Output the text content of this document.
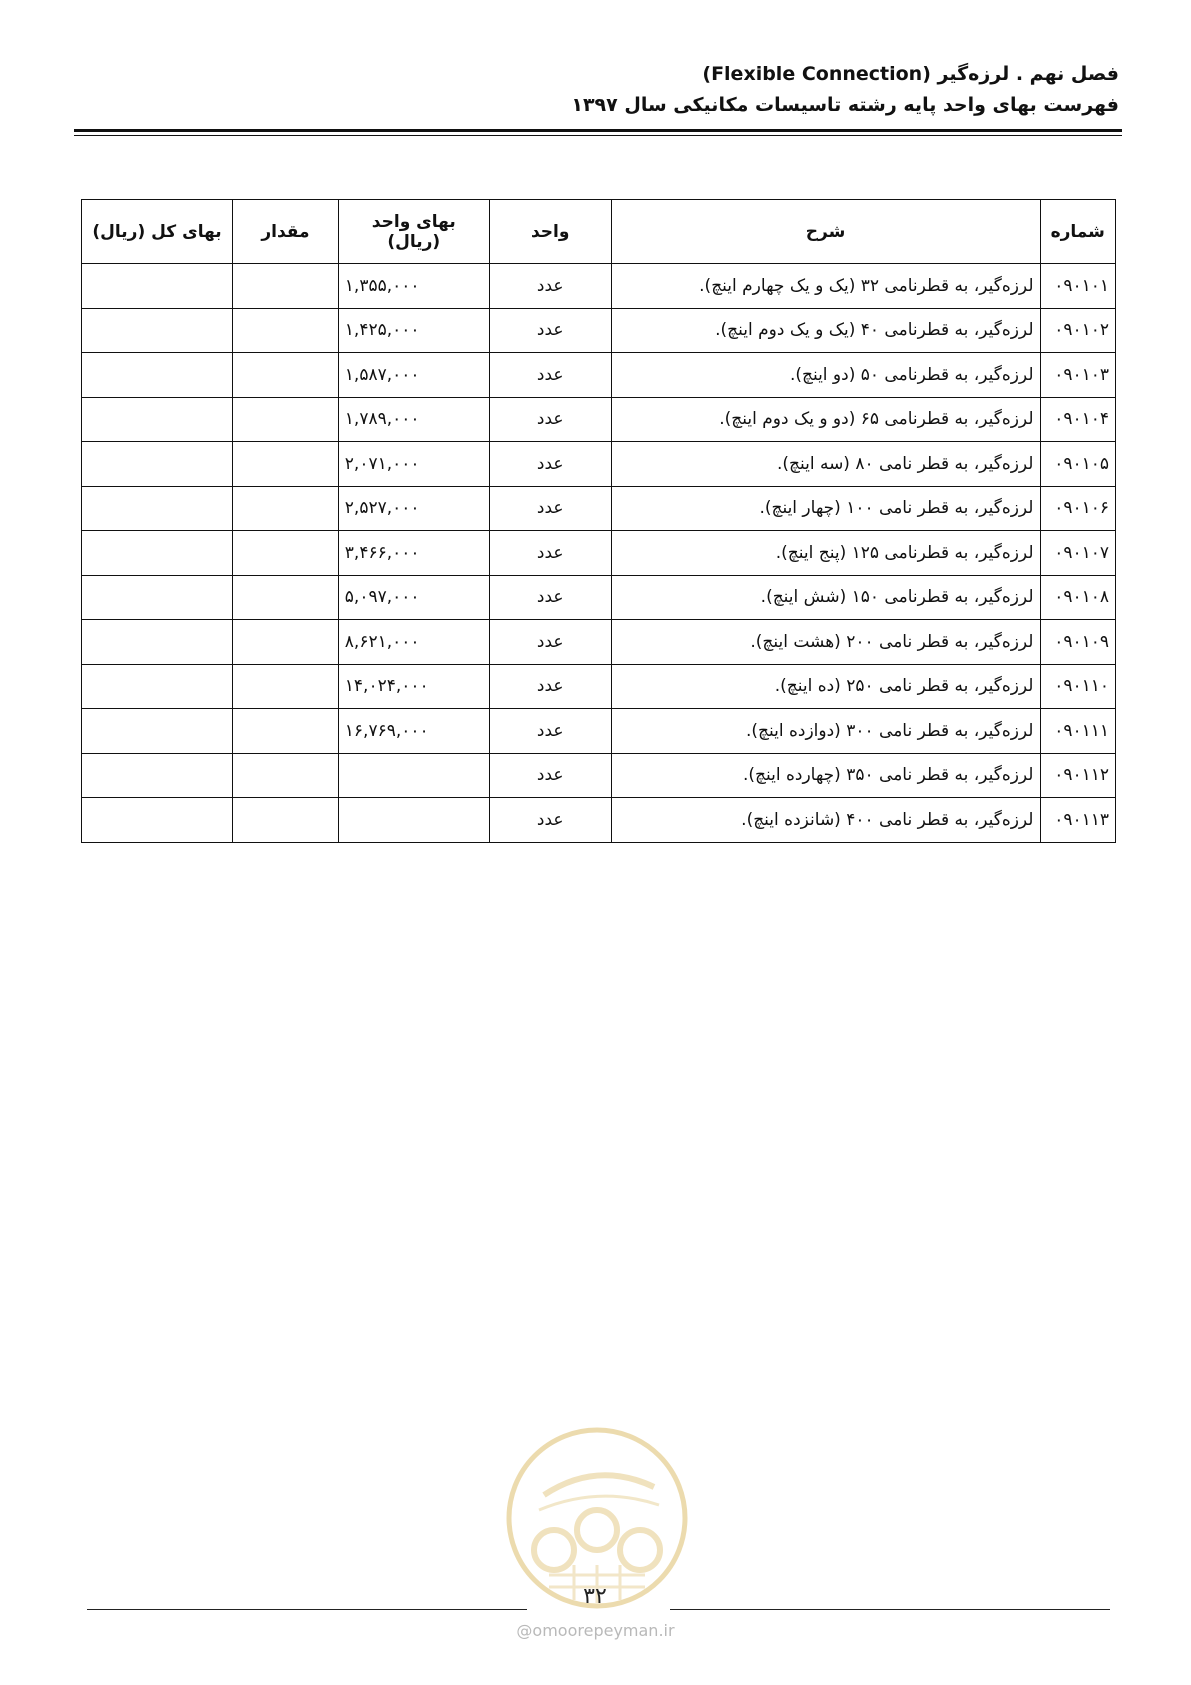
فصل نهم . لرزه‌گیر (Flexible Connection)
فهرست بهای واحد پایه رشته تاسیسات مکانیکی سال ۱۳۹۷
شماره	شرح	واحد	بهای واحد (ریال)	مقدار	بهای کل (ریال)
۰۹۰۱۰۱	لرزه‌گیر، به قطرنامی ۳۲ (یک و یک چهارم اینچ).	عدد	۱,۳۵۵,۰۰۰		
۰۹۰۱۰۲	لرزه‌گیر، به قطرنامی ۴۰ (یک و یک دوم اینچ).	عدد	۱,۴۲۵,۰۰۰		
۰۹۰۱۰۳	لرزه‌گیر، به قطرنامی ۵۰ (دو اینچ).	عدد	۱,۵۸۷,۰۰۰		
۰۹۰۱۰۴	لرزه‌گیر، به قطرنامی ۶۵ (دو و یک دوم اینچ).	عدد	۱,۷۸۹,۰۰۰		
۰۹۰۱۰۵	لرزه‌گیر، به قطر نامی ۸۰ (سه اینچ).	عدد	۲,۰۷۱,۰۰۰		
۰۹۰۱۰۶	لرزه‌گیر، به قطر نامی ۱۰۰ (چهار اینچ).	عدد	۲,۵۲۷,۰۰۰		
۰۹۰۱۰۷	لرزه‌گیر، به قطرنامی ۱۲۵ (پنج اینچ).	عدد	۳,۴۶۶,۰۰۰		
۰۹۰۱۰۸	لرزه‌گیر، به قطرنامی ۱۵۰ (شش اینچ).	عدد	۵,۰۹۷,۰۰۰		
۰۹۰۱۰۹	لرزه‌گیر، به قطر نامی ۲۰۰ (هشت اینچ).	عدد	۸,۶۲۱,۰۰۰		
۰۹۰۱۱۰	لرزه‌گیر، به قطر نامی ۲۵۰ (ده اینچ).	عدد	۱۴,۰۲۴,۰۰۰		
۰۹۰۱۱۱	لرزه‌گیر، به قطر نامی ۳۰۰ (دوازده اینچ).	عدد	۱۶,۷۶۹,۰۰۰		
۰۹۰۱۱۲	لرزه‌گیر، به قطر نامی ۳۵۰ (چهارده اینچ).	عدد			
۰۹۰۱۱۳	لرزه‌گیر، به قطر نامی ۴۰۰ (شانزده اینچ).	عدد			
۳۲
@omoorepeyman.ir
